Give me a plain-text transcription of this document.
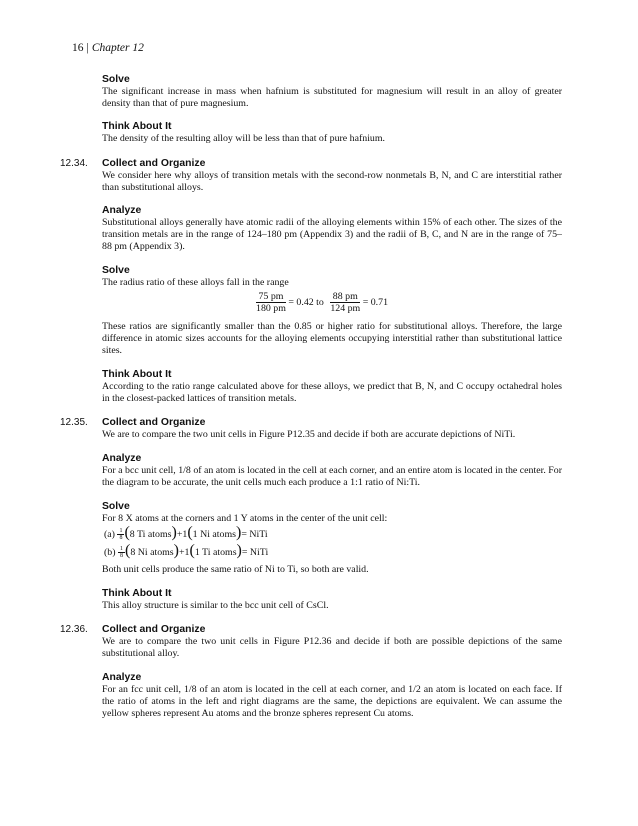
16 | Chapter 12

Solve

The significant increase in mass when hafnium is substituted for magnesium will result in an alloy of greater density than that of pure magnesium.

Think About It

The density of the resulting alloy will be less than that of pure hafnium.

12.34. Collect and Organize

We consider here why alloys of transition metals with the second-row nonmetals B, N, and C are interstitial rather than substitutional alloys.

Analyze

Substitutional alloys generally have atomic radii of the alloying elements within 15% of each other. The sizes of the transition metals are in the range of 124–180 pm (Appendix 3) and the radii of B, C, and N are in the range of 75–88 pm (Appendix 3).

Solve

The radius ratio of these alloys fall in the range

$\frac{75 pm}{180 pm} = 0.42$ to $\frac{88 pm}{124 pm} = 0.71$

These ratios are significantly smaller than the 0.85 or higher ratio for substitutional alloys. Therefore, the large difference in atomic sizes accounts for the alloying elements occupying interstitial rather than substitutional lattice sites.

Think About It

According to the ratio range calculated above for these alloys, we predict that B, N, and C occupy octahedral holes in the closest-packed lattices of transition metals.

12.35. Collect and Organize

We are to compare the two unit cells in Figure P12.35 and decide if both are accurate depictions of NiTi.

Analyze

For a bcc unit cell, 1/8 of an atom is located in the cell at each corner, and an entire atom is located in the center. For the diagram to be accurate, the unit cells much each produce a 1:1 ratio of Ni:Ti.

Solve

For 8 X atoms at the corners and 1 Y atoms in the center of the unit cell:

$(a) \frac{1}{8} (8$ Ti atoms)+1(1 Ni atoms)= NiTi
$(b) \frac{1}{8} (8$ Ni atoms)+1(1 Ti atoms)= NiTi

Both unit cells produce the same ratio of Ni to Ti, so both are valid.

Think About It

This alloy structure is similar to the bcc unit cell of CsCl.

12.36. Collect and Organize

We are to compare the two unit cells in Figure P12.36 and decide if both are possible depictions of the same substitutional alloy.

Analyze

For an fcc unit cell, 1/8 of an atom is located in the cell at each corner, and 1/2 an atom is located on each face. If the ratio of atoms in the left and right diagrams are the same, the depictions are equivalent. We can assume the yellow spheres represent Au atoms and the bronze spheres represent Cu atoms.
